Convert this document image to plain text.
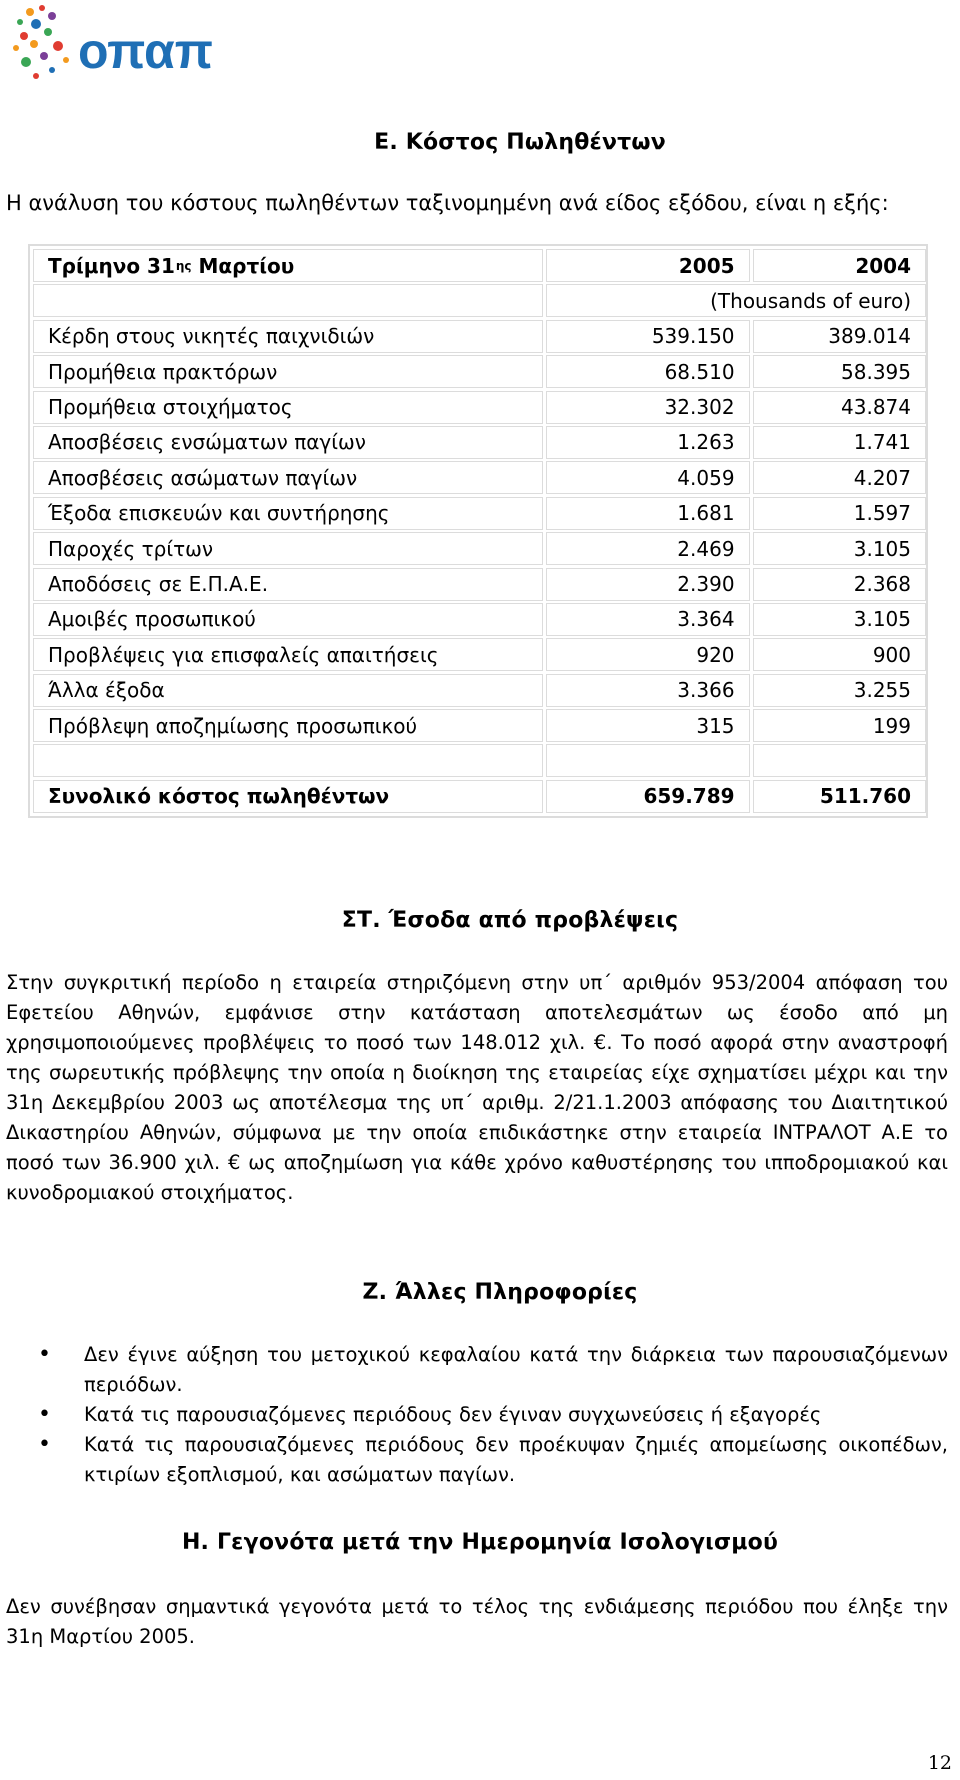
οπαπ
Ε. Κόστος Πωληθέντων
Η ανάλυση του κόστους πωληθέντων ταξινομημένη ανά είδος εξόδου, είναι η εξής:
Τρίμηνο 31 ης
Μαρτίου	2005	2004
(Thousands of euro)
Κέρδη στους νικητές παιχνιδιών	539.150	389.014
Προμήθεια πρακτόρων	68.510	58.395
Προμήθεια στοιχήματος	32.302	43.874
Αποσβέσεις ενσώματων παγίων	1.263	1.741
Αποσβέσεις ασώματων παγίων	4.059	4.207
Έξοδα επισκευών και συντήρησης	1.681	1.597
Παροχές τρίτων	2.469	3.105
Αποδόσεις σε Ε.Π.Α.Ε.	2.390	2.368
Αμοιβές προσωπικού	3.364	3.105
Προβλέψεις για επισφαλείς απαιτήσεις	920	900
Άλλα έξοδα	3.366	3.255
Πρόβλεψη αποζημίωσης προσωπικού	315	199
Συνολικό κόστος πωληθέντων	659.789	511.760
ΣΤ. Έσοδα από προβλέψεις
Στην συγκριτική περίοδο η εταιρεία στηριζόμενη στην υπ΄ αριθμόν 953/2004 απόφαση του Εφετείου Αθηνών, εμφάνισε στην κατάσταση αποτελεσμάτων ως έσοδο από μη χρησιμοποιούμενες προβλέψεις το ποσό των 148.012 χιλ. €. Το ποσό αφορά στην αναστροφή της σωρευτικής πρόβλεψης την οποία η διοίκηση της εταιρείας είχε σχηματίσει μέχρι και την 31η Δεκεμβρίου 2003 ως αποτέλεσμα της υπ΄ αριθμ. 2/21.1.2003 απόφασης του Διαιτητικού Δικαστηρίου Αθηνών, σύμφωνα με την οποία επιδικάστηκε στην εταιρεία ΙΝΤΡΑΛΟΤ Α.Ε το ποσό των 36.900 χιλ. € ως αποζημίωση για κάθε χρόνο καθυστέρησης του ιπποδρομιακού και κυνοδρομιακού στοιχήματος.
Ζ. Άλλες Πληροφορίες
• Δεν έγινε αύξηση του μετοχικού κεφαλαίου κατά την διάρκεια των παρουσιαζόμενων περιόδων.
• Κατά τις παρουσιαζόμενες περιόδους δεν έγιναν συγχωνεύσεις ή εξαγορές
• Κατά τις παρουσιαζόμενες περιόδους δεν προέκυψαν ζημιές απομείωσης οικοπέδων, κτιρίων εξοπλισμού, και ασώματων παγίων.
Η. Γεγονότα μετά την Ημερομηνία Ισολογισμού
Δεν συνέβησαν σημαντικά γεγονότα μετά το τέλος της ενδιάμεσης περιόδου που έληξε την 31η Μαρτίου 2005.
12
